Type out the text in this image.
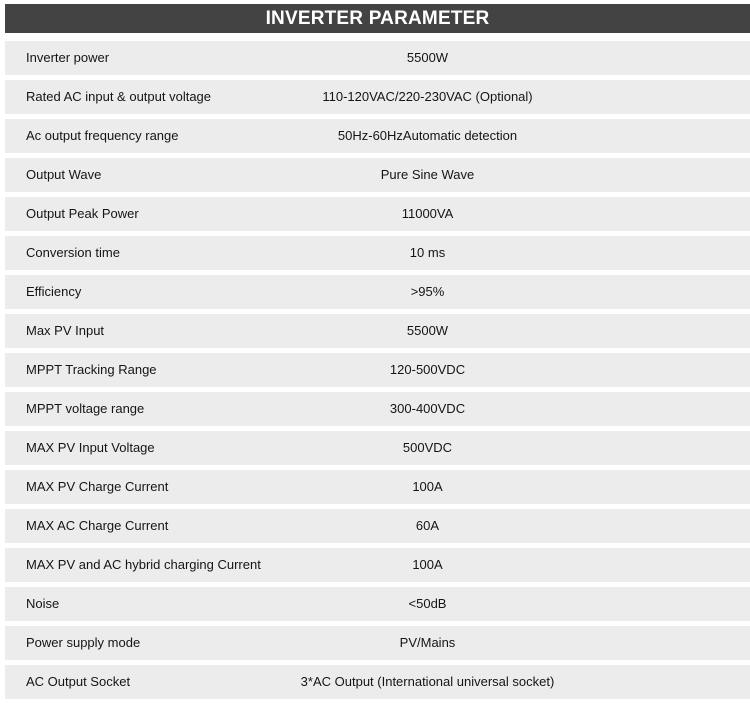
INVERTER PARAMETER
Inverter power	5500W
Rated AC input & output voltage	110-120VAC/220-230VAC (Optional)
Ac output frequency range	50Hz-60HzAutomatic detection
Output Wave	Pure Sine Wave
Output Peak Power	11000VA
Conversion time	10 ms
Efficiency	>95%
Max PV Input	5500W
MPPT Tracking Range	120-500VDC
MPPT voltage range	300-400VDC
MAX PV Input Voltage	500VDC
MAX PV Charge Current	100A
MAX AC Charge Current	60A
MAX PV and AC hybrid charging Current	100A
Noise	<50dB
Power supply mode	PV/Mains
AC Output Socket	3*AC Output (International universal socket)
